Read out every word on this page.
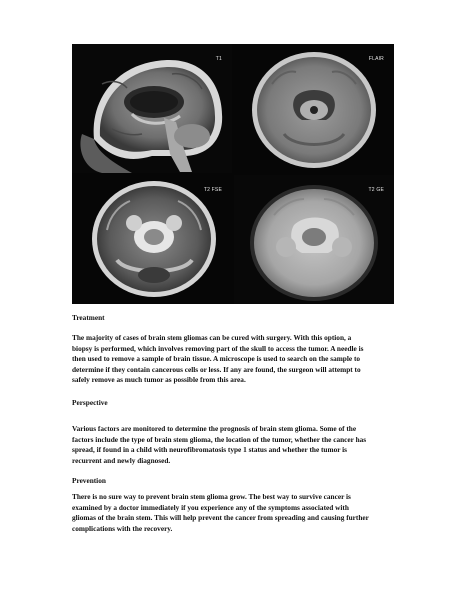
T1	FLAIR
T2 FSE	T2 GE
Treatment
The majority of cases of brain stem gliomas can be cured with surgery. With this option, a
biopsy is performed, which involves removing part of the skull to access the tumor. A needle is
then used to remove a sample of brain tissue. A microscope is used to search on the sample to
determine if they contain cancerous cells or less. If any are found, the surgeon will attempt to
safely remove as much tumor as possible from this area.
Perspective
Various factors are monitored to determine the prognosis of brain stem glioma. Some of the
factors include the type of brain stem glioma, the location of the tumor, whether the cancer has
spread, if found in a child with neurofibromatosis type 1 status and whether the tumor is
recurrent and newly diagnosed.
Prevention
There is no sure way to prevent brain stem glioma grow. The best way to survive cancer is
examined by a doctor immediately if you experience any of the symptoms associated with
gliomas of the brain stem. This will help prevent the cancer from spreading and causing further
complications with the recovery.
